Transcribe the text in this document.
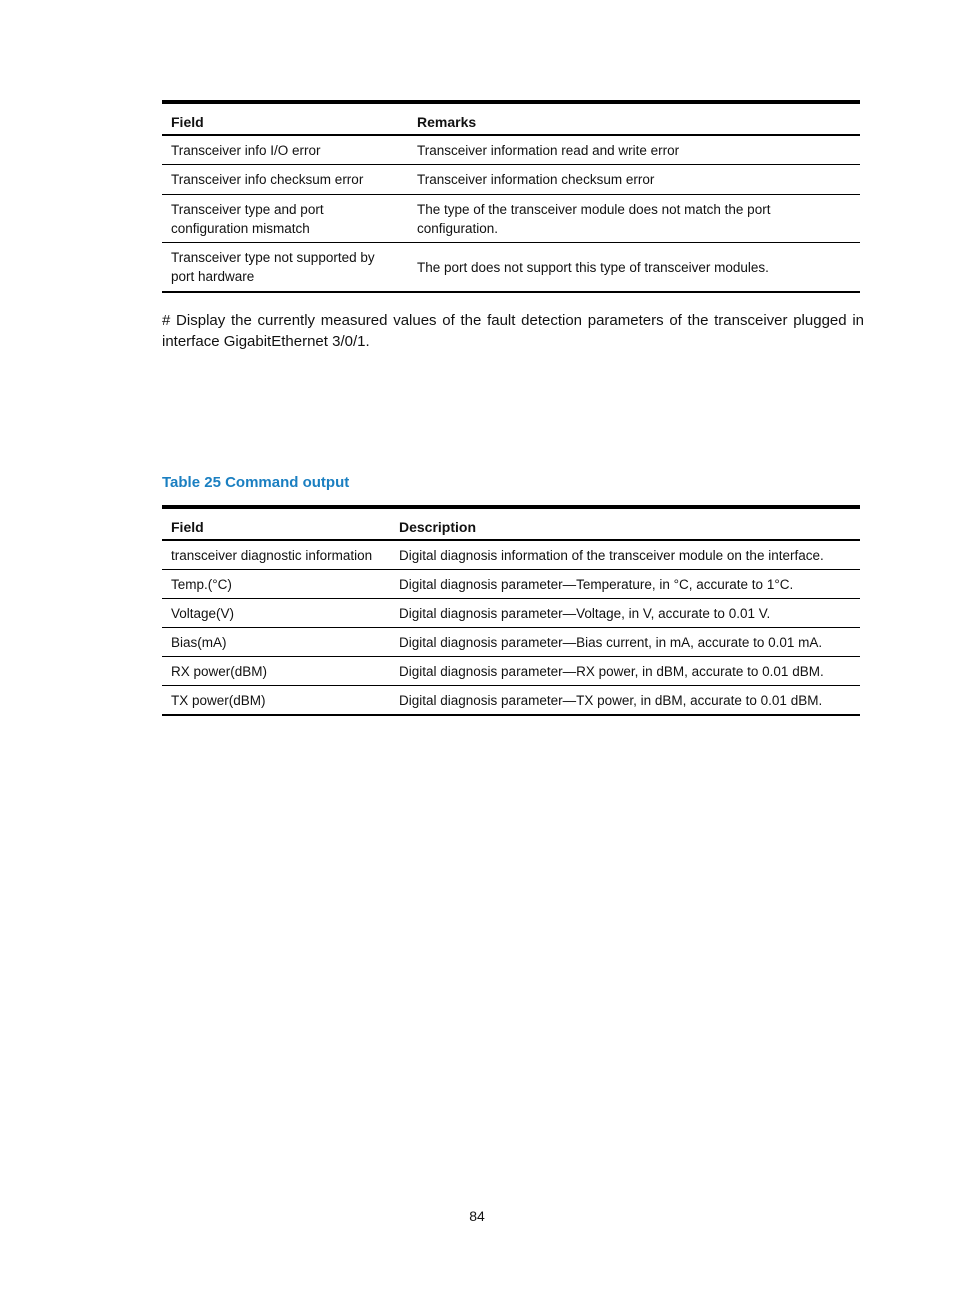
Field	Remarks
Transceiver info I/O error	Transceiver information read and write error
Transceiver info checksum error	Transceiver information checksum error
Transceiver type and port configuration mismatch	The type of the transceiver module does not match the port configuration.
Transceiver type not supported by port hardware	The port does not support this type of transceiver modules.

# Display the currently measured values of the fault detection parameters of the transceiver plugged in interface GigabitEthernet 3/0/1.

Table 25 Command output

Field	Description
transceiver diagnostic information	Digital diagnosis information of the transceiver module on the interface.
Temp.(°C)	Digital diagnosis parameter—Temperature, in °C, accurate to 1°C.
Voltage(V)	Digital diagnosis parameter—Voltage, in V, accurate to 0.01 V.
Bias(mA)	Digital diagnosis parameter—Bias current, in mA, accurate to 0.01 mA.
RX power(dBM)	Digital diagnosis parameter—RX power, in dBM, accurate to 0.01 dBM.
TX power(dBM)	Digital diagnosis parameter—TX power, in dBM, accurate to 0.01 dBM.

84
